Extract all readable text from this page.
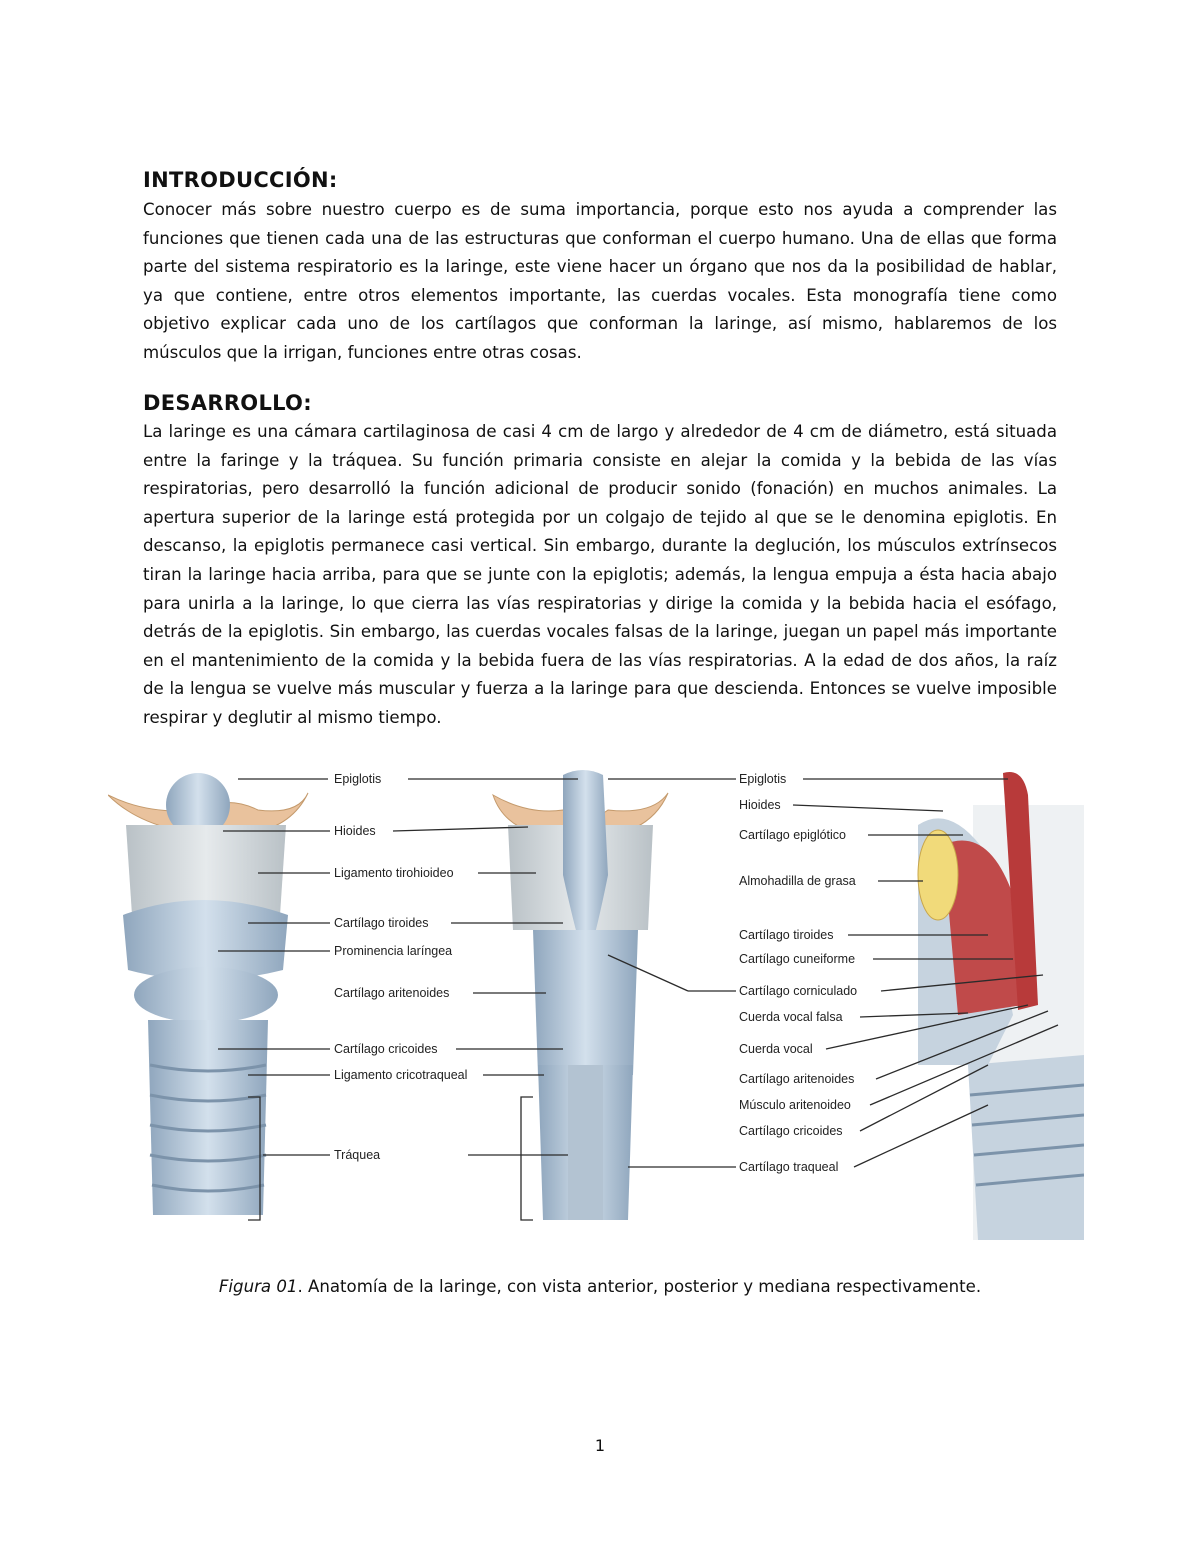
INTRODUCCIÓN:

Conocer más sobre nuestro cuerpo es de suma importancia, porque esto nos ayuda a comprender las funciones que tienen cada una de las estructuras que conforman el cuerpo humano. Una de ellas que forma parte del sistema respiratorio es la laringe, este viene hacer un órgano que nos da la posibilidad de hablar, ya que contiene, entre otros elementos importante, las cuerdas vocales. Esta monografía tiene como objetivo explicar cada uno de los cartílagos que conforman la laringe, así mismo, hablaremos de los músculos que la irrigan, funciones entre otras cosas.

DESARROLLO:

La laringe es una cámara cartilaginosa de casi 4 cm de largo y alrededor de 4 cm de diámetro, está situada entre la faringe y la tráquea. Su función primaria consiste en alejar la comida y la bebida de las vías respiratorias, pero desarrolló la función adicional de producir sonido (fonación) en muchos animales. La apertura superior de la laringe está protegida por un colgajo de tejido al que se le denomina epiglotis. En descanso, la epiglotis permanece casi vertical. Sin embargo, durante la deglución, los músculos extrínsecos tiran la laringe hacia arriba, para que se junte con la epiglotis; además, la lengua empuja a ésta hacia abajo para unirla a la laringe, lo que cierra las vías respiratorias y dirige la comida y la bebida hacia el esófago, detrás de la epiglotis. Sin embargo, las cuerdas vocales falsas de la laringe, juegan un papel más importante en el mantenimiento de la comida y la bebida fuera de las vías respiratorias. A la edad de dos años, la raíz de la lengua se vuelve más muscular y fuerza a la laringe para que descienda. Entonces se vuelve imposible respirar y deglutir al mismo tiempo.

Epiglotis
Hioides
Ligamento tirohioideo
Cartílago tiroides
Prominencia laríngea
Cartílago aritenoides
Cartílago cricoides
Ligamento cricotraqueal
Tráquea
Epiglotis
Hioides
Cartílago epiglótico
Almohadilla de grasa
Cartílago tiroides
Cartílago cuneiforme
Cartílago corniculado
Cuerda vocal falsa
Cuerda vocal
Cartílago aritenoides
Músculo aritenoideo
Cartílago cricoides
Cartílago traqueal
Figura 01. Anatomía de la laringe, con vista anterior, posterior y mediana respectivamente.
1
